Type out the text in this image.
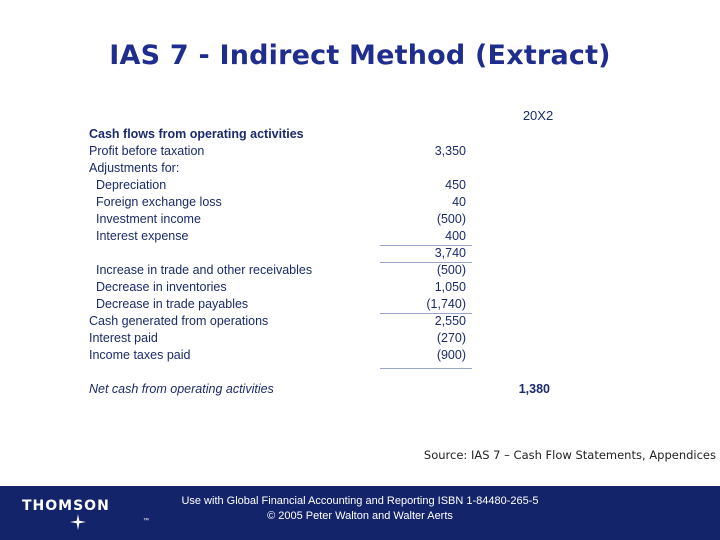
IAS 7 - Indirect Method (Extract)
20X2
Cash flows from operating activities
Profit before taxation	3,350
Adjustments for:
Depreciation	450
Foreign exchange loss	40
Investment income	(500)
Interest expense	400
3,740
Increase in trade and other receivables	(500)
Decrease in inventories	1,050
Decrease in trade payables	(1,740)
Cash generated from operations	2,550
Interest paid	(270)
Income taxes paid	(900)
Net cash from operating activities	1,380
Source: IAS 7 – Cash Flow Statements, Appendices
THOMSON
™
Use with Global Financial Accounting and Reporting ISBN 1-84480-265-5
© 2005 Peter Walton and Walter Aerts
